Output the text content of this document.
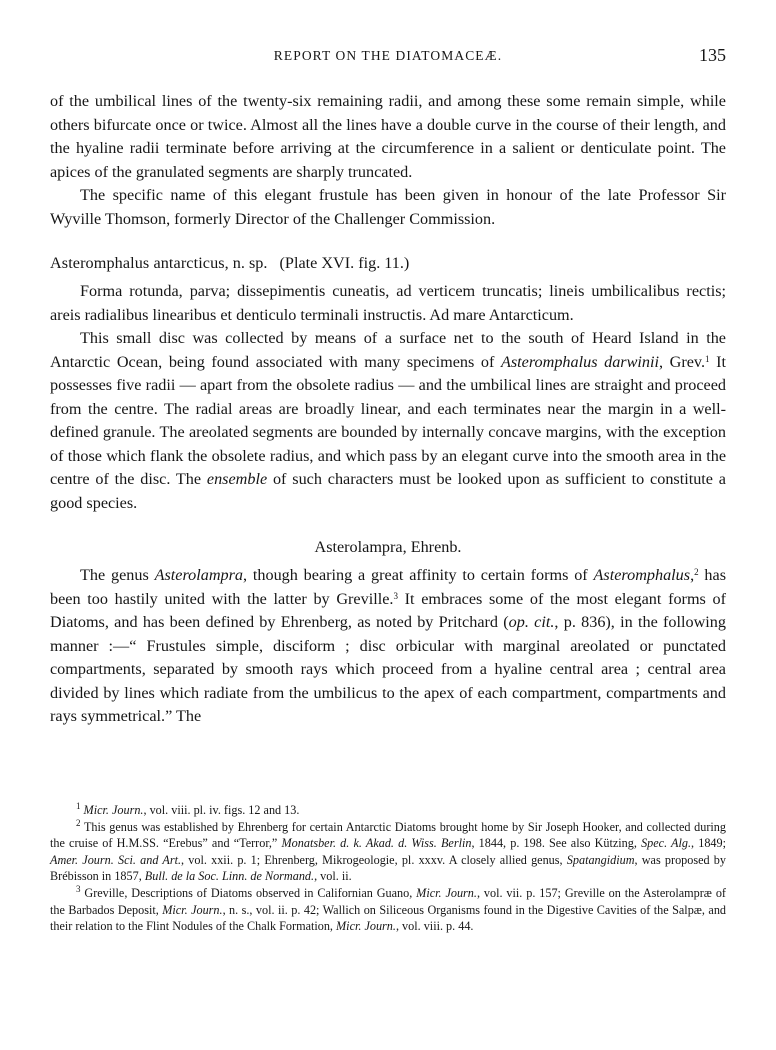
REPORT ON THE DIATOMACEÆ.	135

of the umbilical lines of the twenty-six remaining radii, and among these some remain simple, while others bifurcate once or twice. Almost all the lines have a double curve in the course of their length, and the hyaline radii terminate before arriving at the circumference in a salient or denticulate point. The apices of the granulated segments are sharply truncated.

The specific name of this elegant frustule has been given in honour of the late Professor Sir Wyville Thomson, formerly Director of the Challenger Commission.

Asteromphalus antarcticus, n. sp. (Plate XVI. fig. 11.)

Forma rotunda, parva; dissepimentis cuneatis, ad verticem truncatis; lineis umbilicalibus rectis; areis radialibus linearibus et denticulo terminali instructis. Ad mare Antarcticum.

This small disc was collected by means of a surface net to the south of Heard Island in the Antarctic Ocean, being found associated with many specimens of Asteromphalus darwinii, Grev.$^1$ It possesses five radii — apart from the obsolete radius — and the umbilical lines are straight and proceed from the centre. The radial areas are broadly linear, and each terminates near the margin in a well-defined granule. The areolated segments are bounded by internally concave margins, with the exception of those which flank the obsolete radius, and which pass by an elegant curve into the smooth area in the centre of the disc. The ensemble of such characters must be looked upon as sufficient to constitute a good species.

Asterolampra, Ehrenb.

The genus Asterolampra, though bearing a great affinity to certain forms of Asteromphalus,$^2$ has been too hastily united with the latter by Greville.$^3$ It embraces some of the most elegant forms of Diatoms, and has been defined by Ehrenberg, as noted by Pritchard (op. cit., p. 836), in the following manner :—“ Frustules simple, disciform ; disc orbicular with marginal areolated or punctated compartments, separated by smooth rays which proceed from a hyaline central area ; central area divided by lines which radiate from the umbilicus to the apex of each compartment, compartments and rays symmetrical.” The

$^1$ Micr. Journ., vol. viii. pl. iv. figs. 12 and 13.

$^2$ This genus was established by Ehrenberg for certain Antarctic Diatoms brought home by Sir Joseph Hooker, and collected during the cruise of H.M.SS. “Erebus” and “Terror,” Monatsber. d. k. Akad. d. Wiss. Berlin, 1844, p. 198. See also Kützing, Spec. Alg., 1849; Amer. Journ. Sci. and Art., vol. xxii. p. 1; Ehrenberg, Mikrogeologie, pl. xxxv. A closely allied genus, Spatangidium, was proposed by Brébisson in 1857, Bull. de la Soc. Linn. de Normand., vol. ii.

$^3$ Greville, Descriptions of Diatoms observed in Californian Guano, Micr. Journ., vol. vii. p. 157; Greville on the Asterolampræ of the Barbados Deposit, Micr. Journ., n. s., vol. ii. p. 42; Wallich on Siliceous Organisms found in the Digestive Cavities of the Salpæ, and their relation to the Flint Nodules of the Chalk Formation, Micr. Journ., vol. viii. p. 44.
